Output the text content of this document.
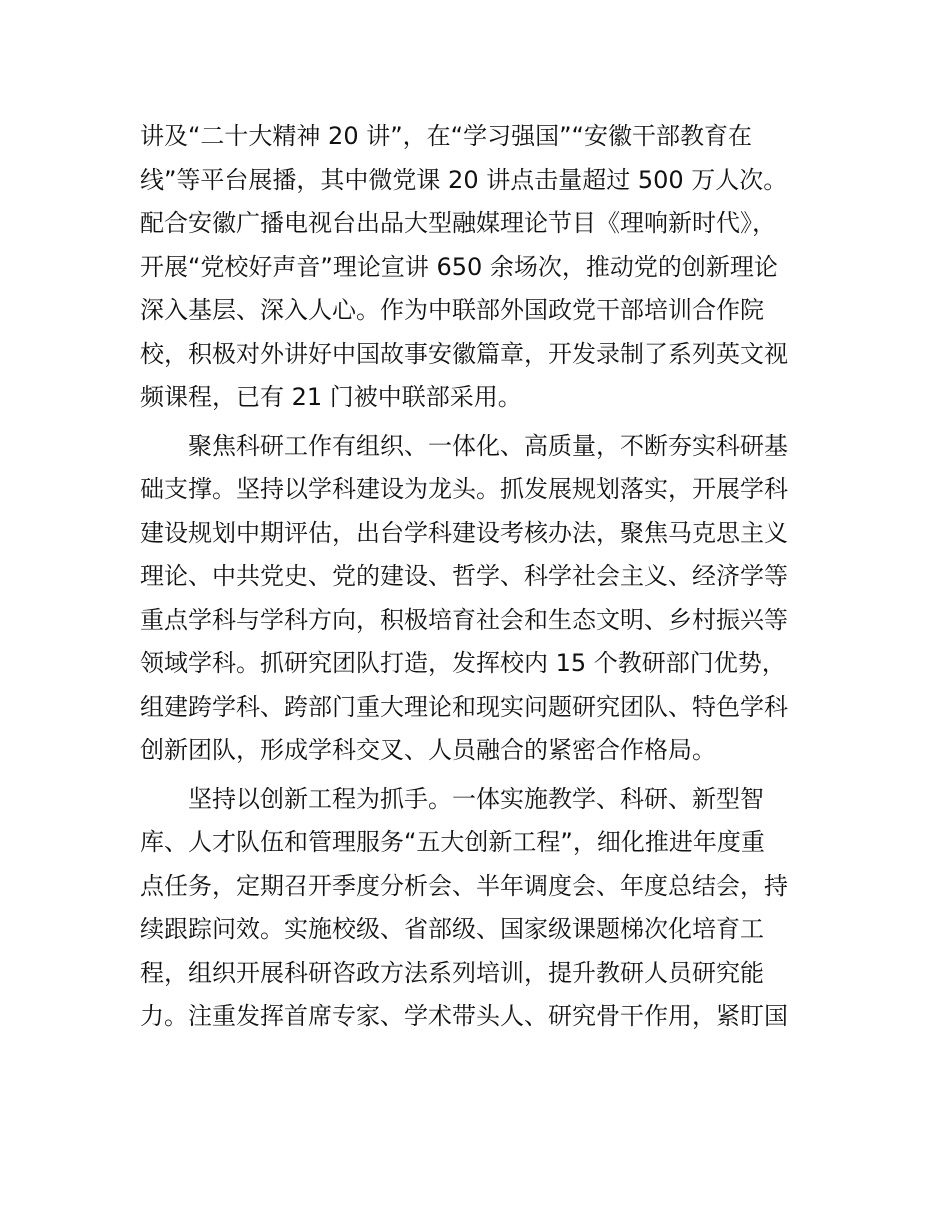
讲及“二十大精神 20 讲”，在“学习强国”“安徽干部教育在
线”等平台展播，其中微党课 20 讲点击量超过 500 万人次。
配合安徽广播电视台出品大型融媒理论节目《理响新时代》，
开展“党校好声音”理论宣讲 650 余场次，推动党的创新理论
深入基层、深入人心。作为中联部外国政党干部培训合作院
校，积极对外讲好中国故事安徽篇章，开发录制了系列英文视
频课程，已有 21 门被中联部采用。
聚焦科研工作有组织、一体化、高质量，不断夯实科研基
础支撑。坚持以学科建设为龙头。抓发展规划落实，开展学科
建设规划中期评估，出台学科建设考核办法，聚焦马克思主义
理论、中共党史、党的建设、哲学、科学社会主义、经济学等
重点学科与学科方向，积极培育社会和生态文明、乡村振兴等
领域学科。抓研究团队打造，发挥校内 15 个教研部门优势，
组建跨学科、跨部门重大理论和现实问题研究团队、特色学科
创新团队，形成学科交叉、人员融合的紧密合作格局。
坚持以创新工程为抓手。一体实施教学、科研、新型智
库、人才队伍和管理服务“五大创新工程”，细化推进年度重
点任务，定期召开季度分析会、半年调度会、年度总结会，持
续跟踪问效。实施校级、省部级、国家级课题梯次化培育工
程，组织开展科研咨政方法系列培训，提升教研人员研究能
力。注重发挥首席专家、学术带头人、研究骨干作用，紧盯国
